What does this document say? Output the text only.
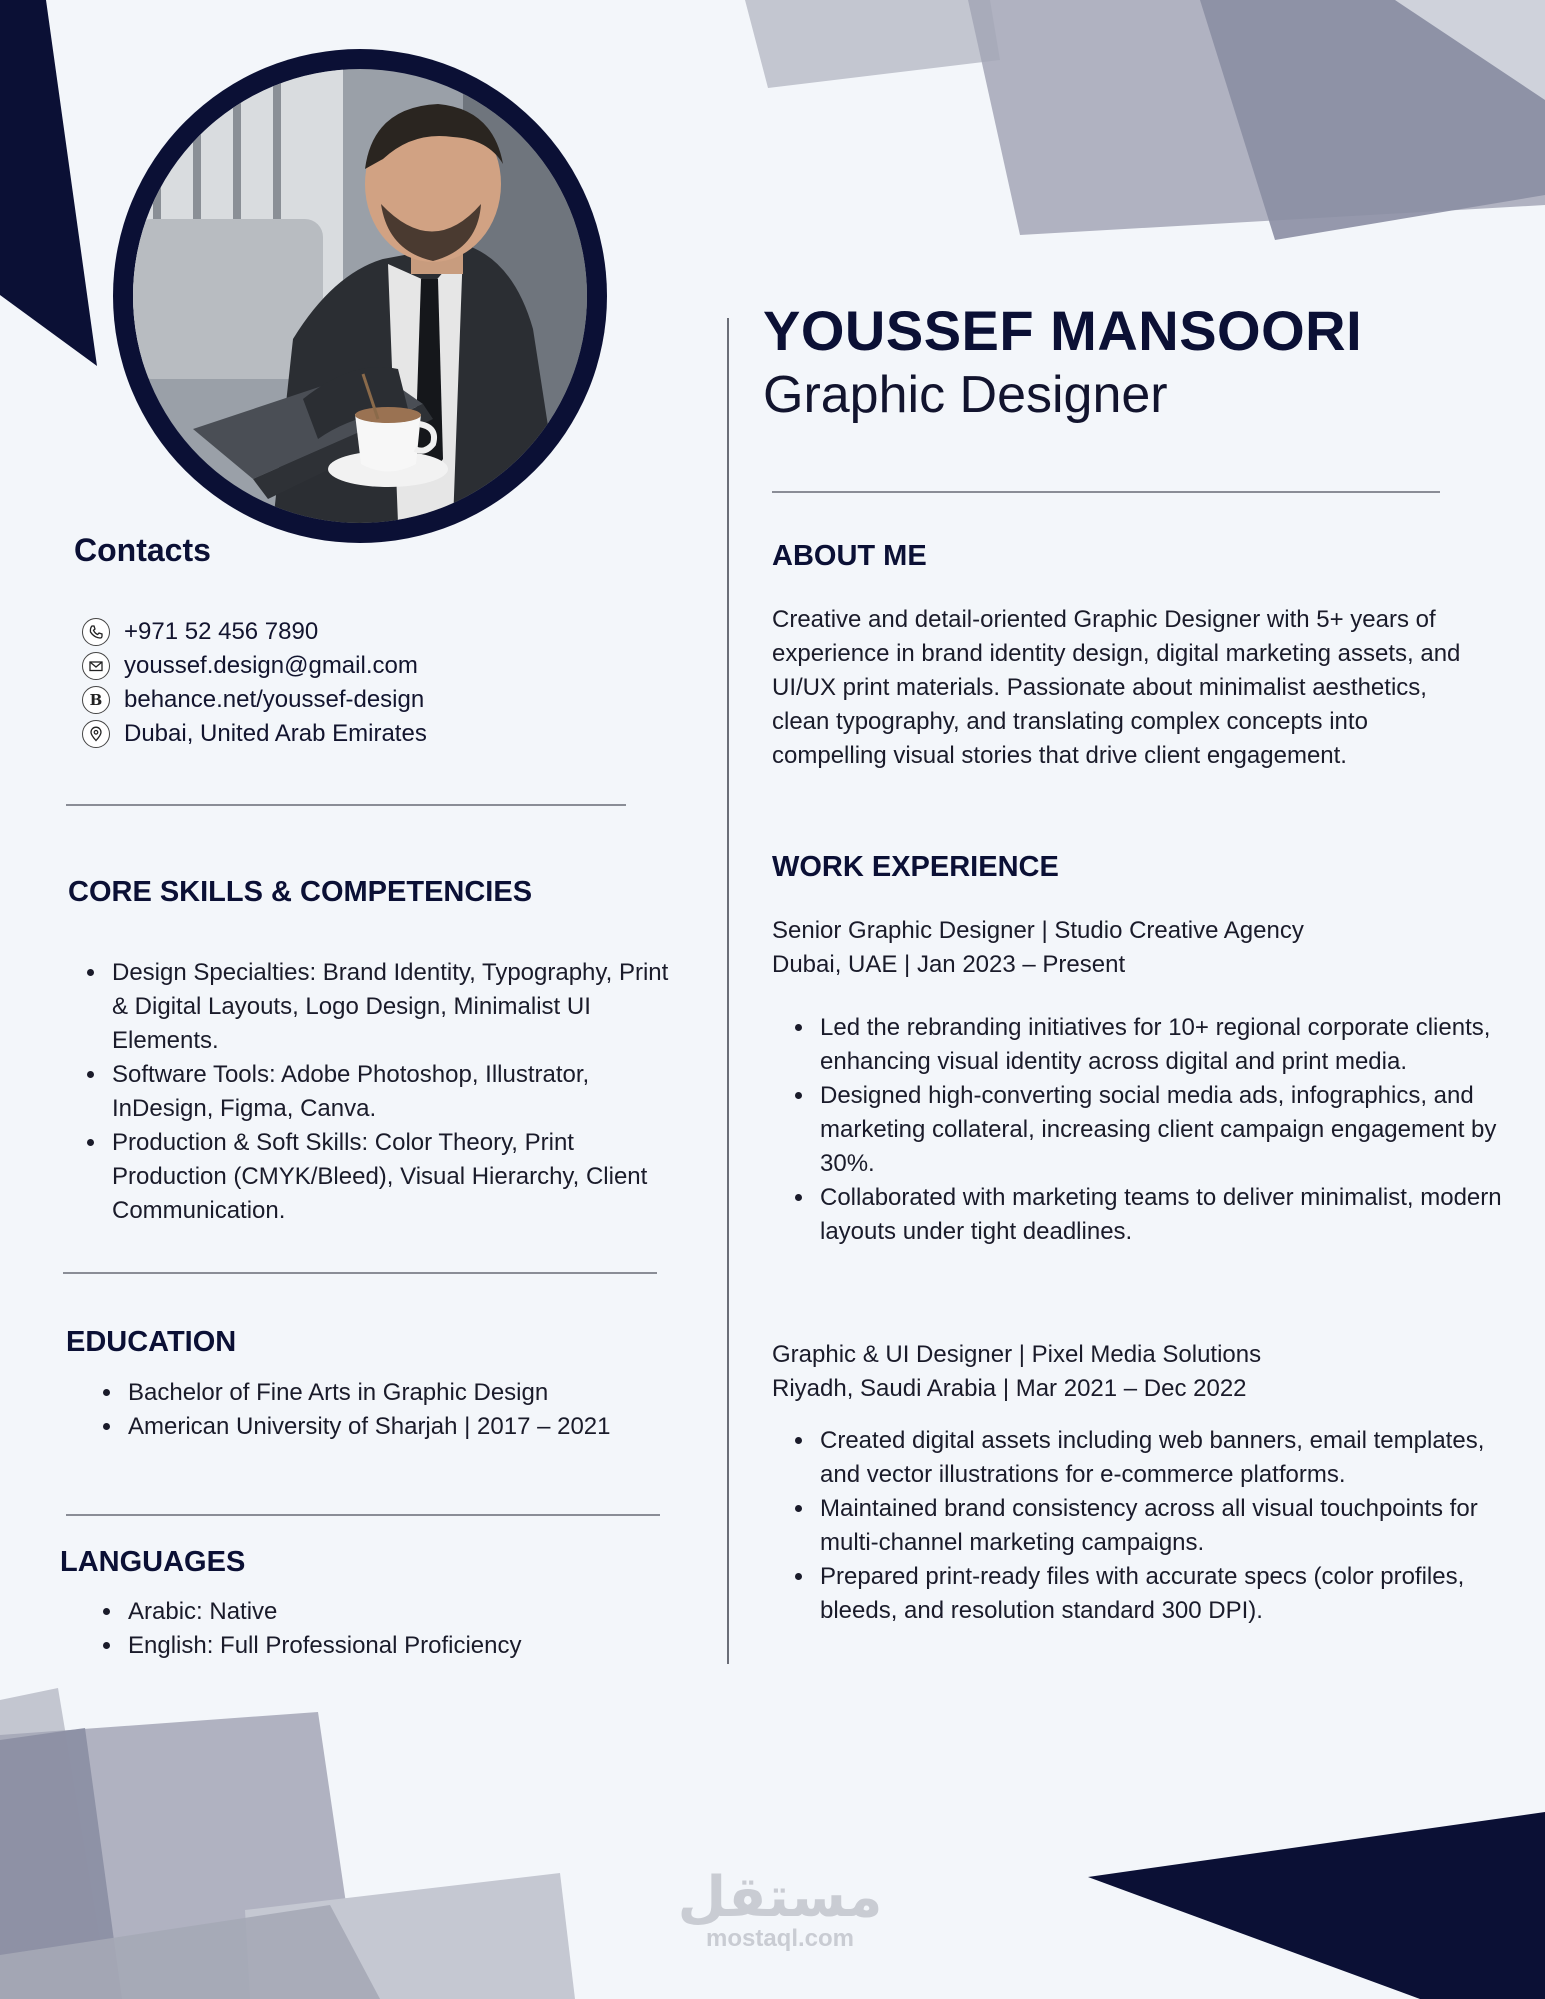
YOUSSEF MANSOORI
Graphic Designer
Contacts
+971 52 456 7890
youssef.design@gmail.com
B behance.net/youssef-design
Dubai, United Arab Emirates
CORE SKILLS & COMPETENCIES
• Design Specialties: Brand Identity, Typography, Print & Digital Layouts, Logo Design, Minimalist UI Elements.
• Software Tools: Adobe Photoshop, Illustrator, InDesign, Figma, Canva.
• Production & Soft Skills: Color Theory, Print Production (CMYK/Bleed), Visual Hierarchy, Client Communication.
EDUCATION
• Bachelor of Fine Arts in Graphic Design
• American University of Sharjah | 2017 – 2021
LANGUAGES
• Arabic: Native
• English: Full Professional Proficiency
ABOUT ME

Creative and detail-oriented Graphic Designer with 5+ years of experience in brand identity design, digital marketing assets, and UI/UX print materials. Passionate about minimalist aesthetics, clean typography, and translating complex concepts into compelling visual stories that drive client engagement.

WORK EXPERIENCE

Senior Graphic Designer | Studio Creative Agency

Dubai, UAE | Jan 2023 – Present

• Led the rebranding initiatives for 10+ regional corporate clients, enhancing visual identity across digital and print media.
• Designed high-converting social media ads, infographics, and marketing collateral, increasing client campaign engagement by 30%.
• Collaborated with marketing teams to deliver minimalist, modern layouts under tight deadlines.

Graphic & UI Designer | Pixel Media Solutions

Riyadh, Saudi Arabia | Mar 2021 – Dec 2022

• Created digital assets including web banners, email templates, and vector illustrations for e-commerce platforms.
• Maintained brand consistency across all visual touchpoints for multi-channel marketing campaigns.
• Prepared print-ready files with accurate specs (color profiles, bleeds, and resolution standard 300 DPI).
مستقل
mostaql.com
